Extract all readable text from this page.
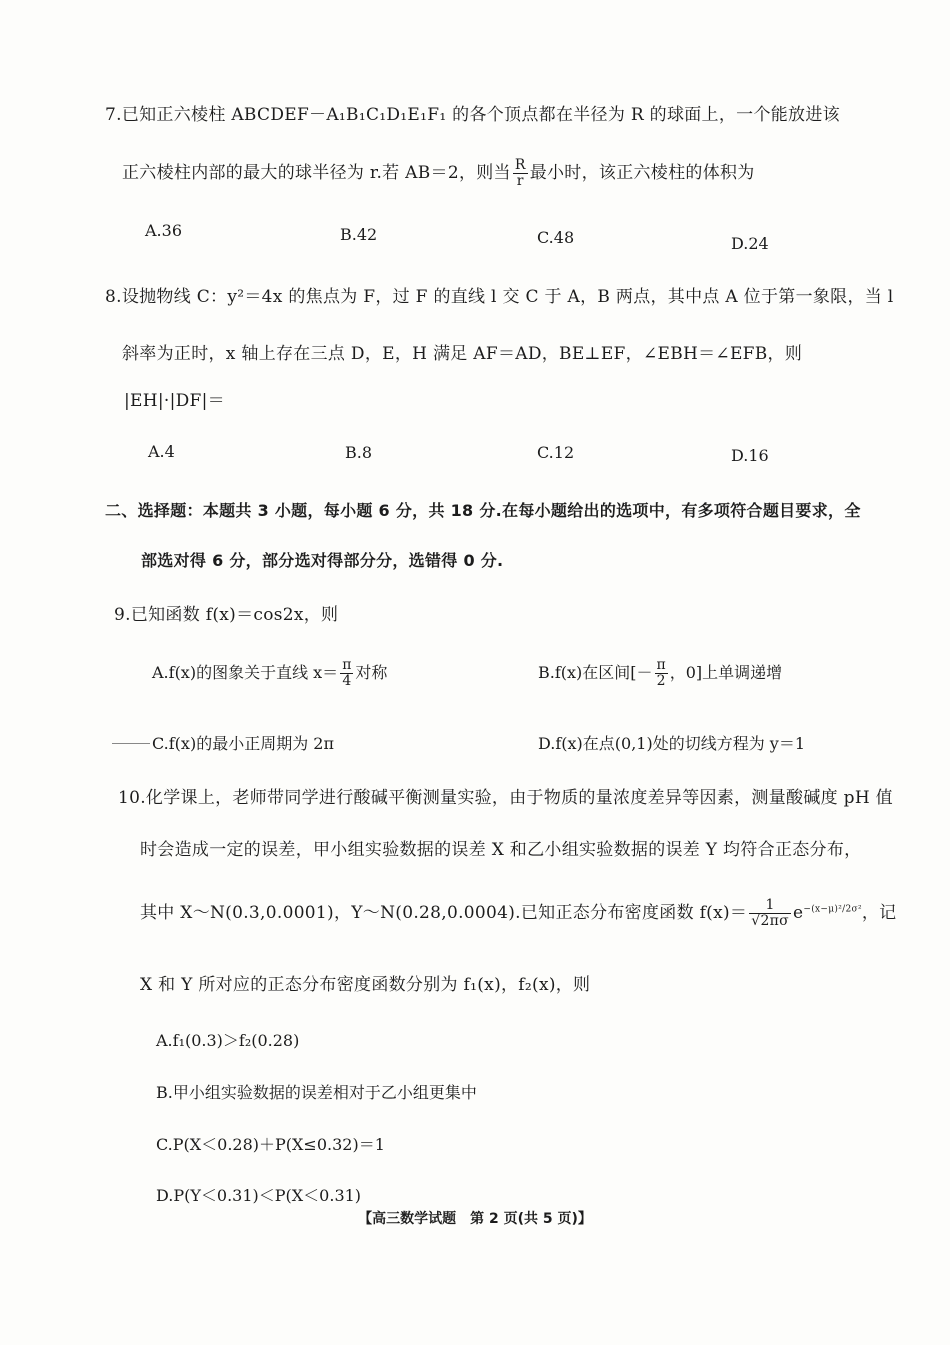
7.已知正六棱柱 ABCDEF－A₁B₁C₁D₁E₁F₁ 的各个顶点都在半径为 R 的球面上，一个能放进该
正六棱柱内部的最大的球半径为 r.若 AB＝2，则当 $\frac{R}{r}$ 最小时，该正六棱柱的体积为
A.36	B.42	C.48	D.24
8.设抛物线 C：y²＝4x 的焦点为 F，过 F 的直线 l 交 C 于 A，B 两点，其中点 A 位于第一象限，当 l
斜率为正时，x 轴上存在三点 D，E，H 满足 AF＝AD，BE⊥EF，∠EBH＝∠EFB，则
|EH|·|DF|＝
A.4	B.8	C.12	D.16
二、选择题：本题共 3 小题，每小题 6 分，共 18 分.在每小题给出的选项中，有多项符合题目要求，全
部选对得 6 分，部分选对得部分分，选错得 0 分.
9.已知函数 f(x)＝cos2x，则
A.f(x)的图象关于直线 $x= \frac{\pi}{4}$ 对称	B.f(x)在区间[－ $\frac{\pi}{2}$ ，0]上单调递增
C.f(x)的最小正周期为 2π	D.f(x)在点(0,1)处的切线方程为 y＝1
10.化学课上，老师带同学进行酸碱平衡测量实验，由于物质的量浓度差异等因素，测量酸碱度 pH 值
时会造成一定的误差，甲小组实验数据的误差 X 和乙小组实验数据的误差 Y 均符合正态分布，
其中 X～N(0.3,0.0001)，Y～N(0.28,0.0004).已知正态分布密度函数 $f(x)= \frac{1}{√2\pi\sigma} e^{-(x-\mu)^2/2\sigma^2}$，记
X 和 Y 所对应的正态分布密度函数分别为 f₁(x)，f₂(x)，则
A.f₁(0.3)＞f₂(0.28)
B.甲小组实验数据的误差相对于乙小组更集中
C.P(X＜0.28)＋P(X≤0.32)＝1
D.P(Y＜0.31)＜P(X＜0.31)
【高三数学试题　第 2 页(共 5 页)】
